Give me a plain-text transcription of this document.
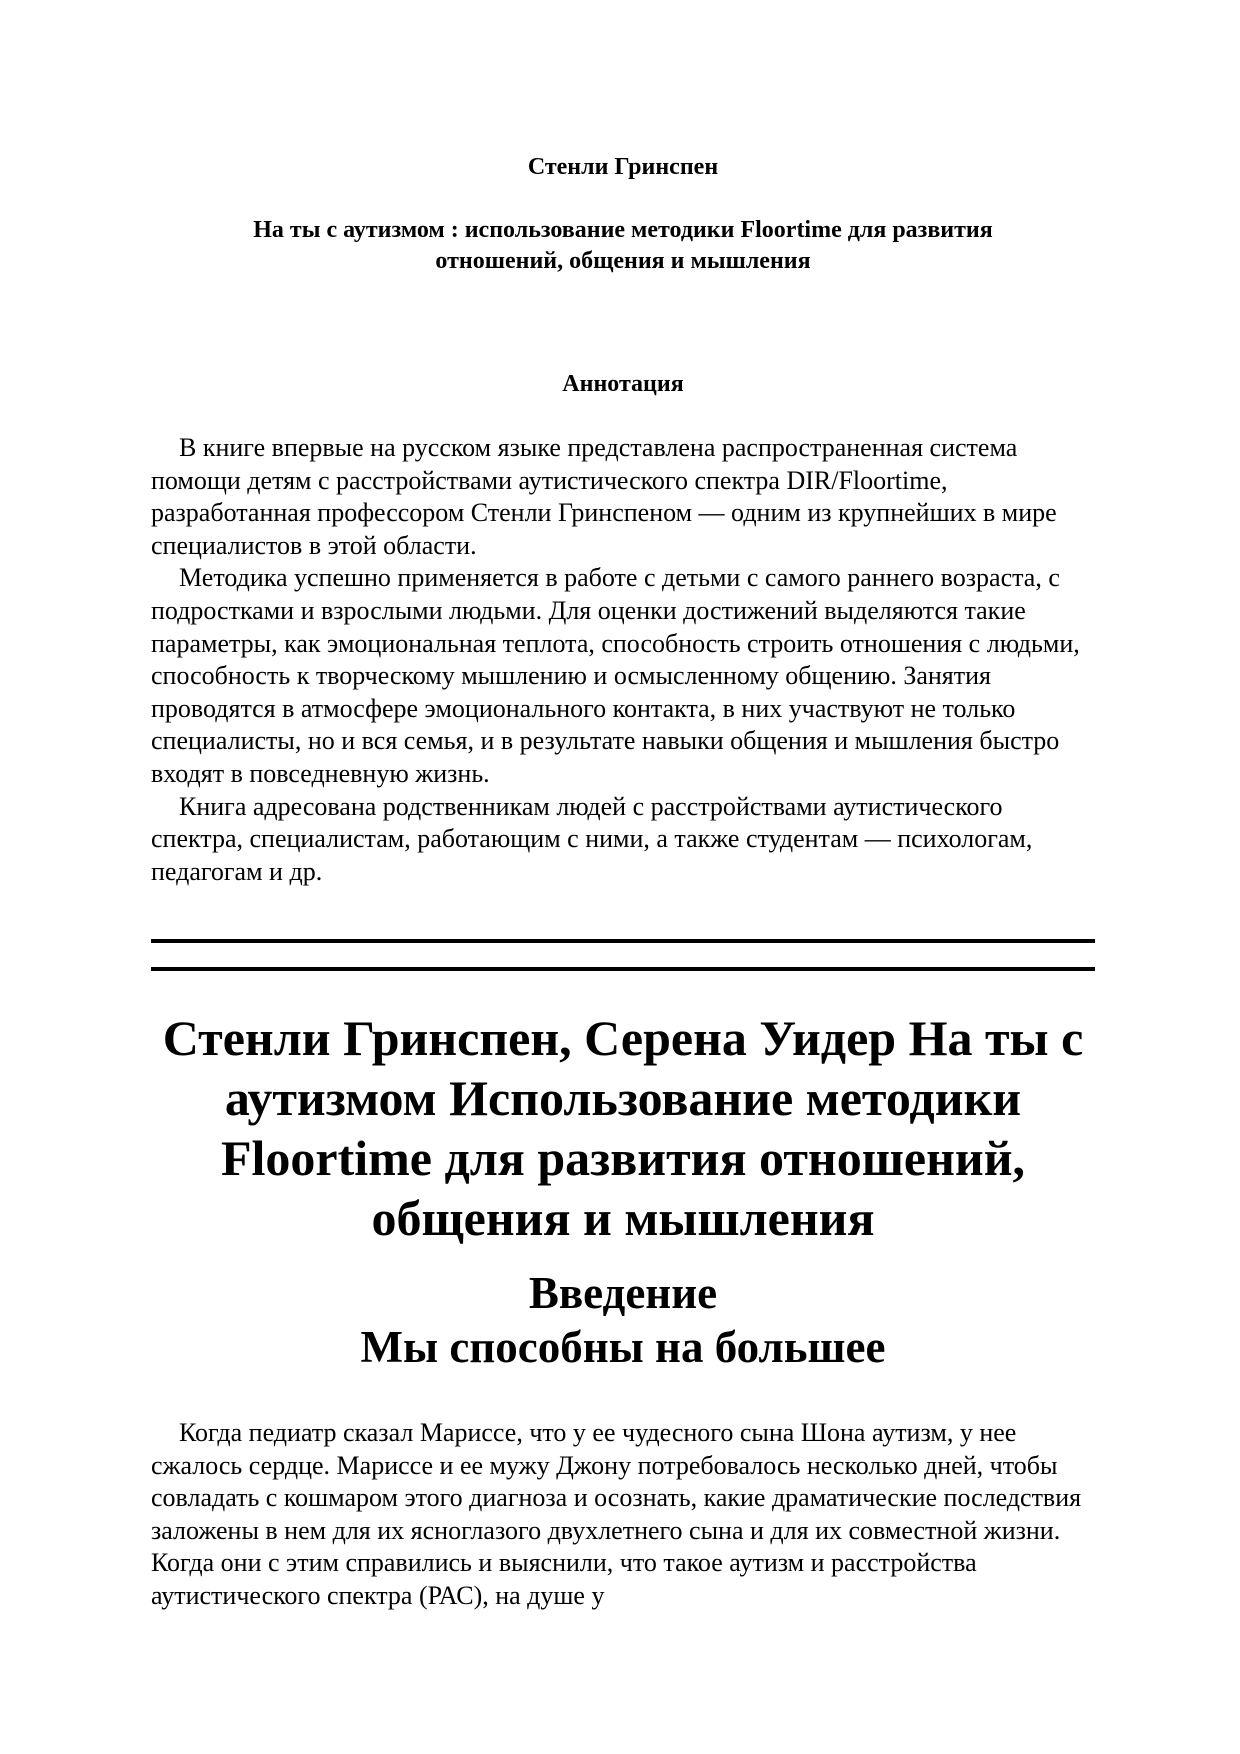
Стенли Гринспен
На ты с аутизмом : использование методики Floortime для развития
отношений, общения и мышления
Аннотация

В книге впервые на русском языке представлена распространенная система помощи детям с расстройствами аутистического спектра DIR/Floortime, разработанная профессором Стенли Гринспеном — одним из крупнейших в мире специалистов в этой области.

Методика успешно применяется в работе с детьми с самого раннего возраста, с подростками и взрослыми людьми. Для оценки достижений выделяются такие параметры, как эмоциональная теплота, способность строить отношения с людьми, способность к творческому мышлению и осмысленному общению. Занятия проводятся в атмосфере эмоционального контакта, в них участвуют не только специалисты, но и вся семья, и в результате навыки общения и мышления быстро входят в повседневную жизнь.

Книга адресована родственникам людей с расстройствами аутистического спектра, специалистам, работающим с ними, а также студентам — психологам, педагогам и др.

Стенли Гринспен, Серена Уидер На ты с
аутизмом Использование методики
Floortime для развития отношений,
общения и мышления
Введение
Мы способны на большее

Когда педиатр сказал Мариссе, что у ее чудесного сына Шона аутизм, у нее сжалось сердце. Мариссе и ее мужу Джону потребовалось несколько дней, чтобы совладать с кошмаром этого диагноза и осознать, какие драматические последствия заложены в нем для их ясноглазого двухлетнего сына и для их совместной жизни. Когда они с этим справились и выяснили, что такое аутизм и расстройства аутистического спектра (РАС), на душе у
